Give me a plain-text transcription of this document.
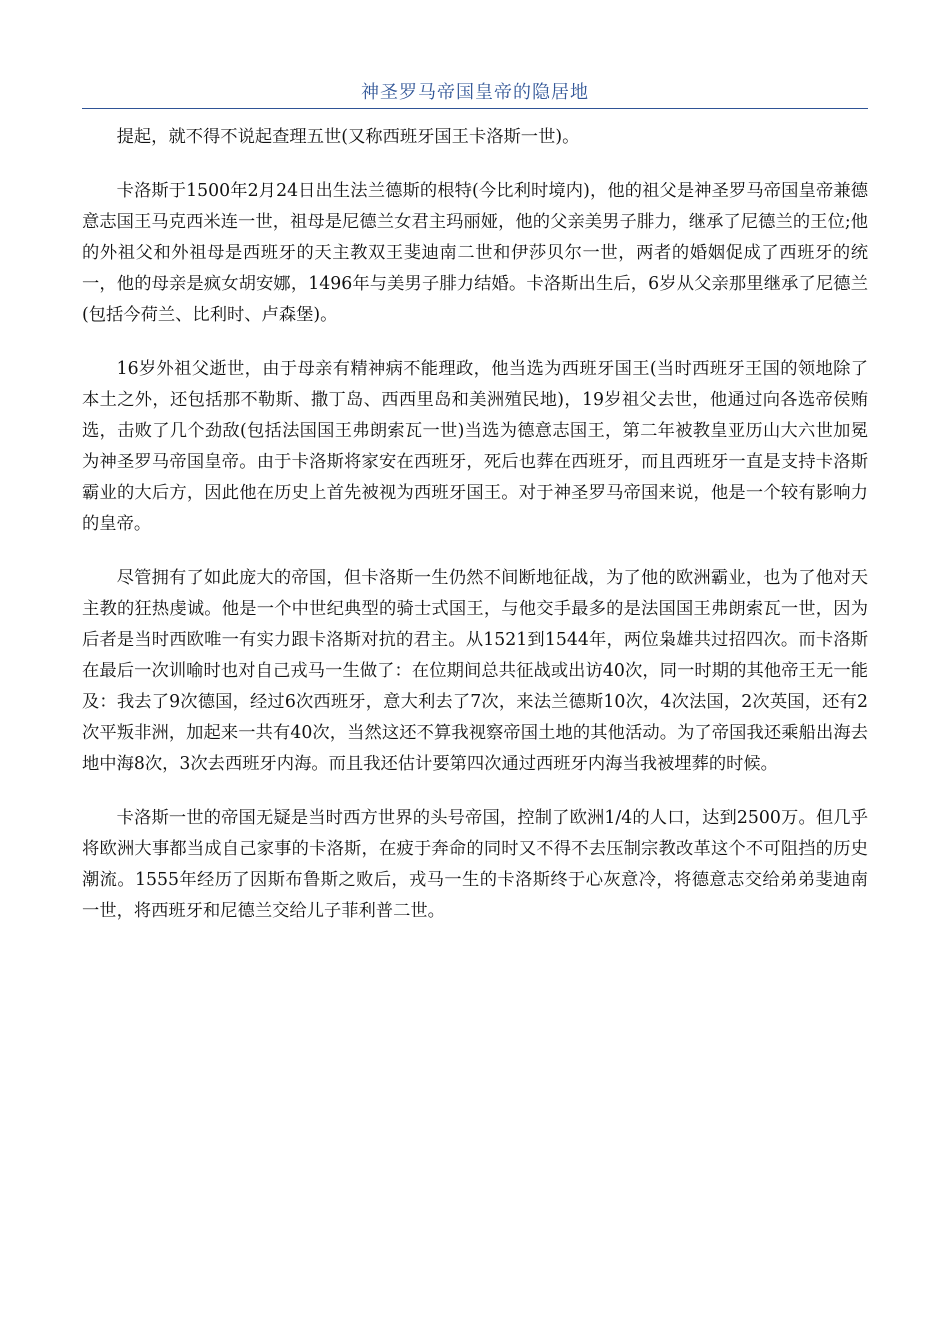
神圣罗马帝国皇帝的隐居地

提起，就不得不说起查理五世(又称西班牙国王卡洛斯一世)。

卡洛斯于1500年2月24日出生法兰德斯的根特(今比利时境内)，他的祖父是神圣罗马帝国皇帝兼德意志国王马克西米连一世，祖母是尼德兰女君主玛丽娅，他的父亲美男子腓力，继承了尼德兰的王位;他的外祖父和外祖母是西班牙的天主教双王斐迪南二世和伊莎贝尔一世，两者的婚姻促成了西班牙的统一，他的母亲是疯女胡安娜，1496年与美男子腓力结婚。卡洛斯出生后，6岁从父亲那里继承了尼德兰(包括今荷兰、比利时、卢森堡)。

16岁外祖父逝世，由于母亲有精神病不能理政，他当选为西班牙国王(当时西班牙王国的领地除了本土之外，还包括那不勒斯、撒丁岛、西西里岛和美洲殖民地)，19岁祖父去世，他通过向各选帝侯贿选，击败了几个劲敌(包括法国国王弗朗索瓦一世)当选为德意志国王，第二年被教皇亚历山大六世加冕为神圣罗马帝国皇帝。由于卡洛斯将家安在西班牙，死后也葬在西班牙，而且西班牙一直是支持卡洛斯霸业的大后方，因此他在历史上首先被视为西班牙国王。对于神圣罗马帝国来说，他是一个较有影响力的皇帝。

尽管拥有了如此庞大的帝国，但卡洛斯一生仍然不间断地征战，为了他的欧洲霸业，也为了他对天主教的狂热虔诚。他是一个中世纪典型的骑士式国王，与他交手最多的是法国国王弗朗索瓦一世，因为后者是当时西欧唯一有实力跟卡洛斯对抗的君主。从1521到1544年，两位枭雄共过招四次。而卡洛斯在最后一次训喻时也对自己戎马一生做了：在位期间总共征战或出访40次，同一时期的其他帝王无一能及：我去了9次德国，经过6次西班牙，意大利去了7次，来法兰德斯10次，4次法国，2次英国，还有2次平叛非洲，加起来一共有40次，当然这还不算我视察帝国土地的其他活动。为了帝国我还乘船出海去地中海8次，3次去西班牙内海。而且我还估计要第四次通过西班牙内海当我被埋葬的时候。

卡洛斯一世的帝国无疑是当时西方世界的头号帝国，控制了欧洲1/4的人口，达到2500万。但几乎将欧洲大事都当成自己家事的卡洛斯，在疲于奔命的同时又不得不去压制宗教改革这个不可阻挡的历史潮流。1555年经历了因斯布鲁斯之败后，戎马一生的卡洛斯终于心灰意冷，将德意志交给弟弟斐迪南一世，将西班牙和尼德兰交给儿子菲利普二世。
